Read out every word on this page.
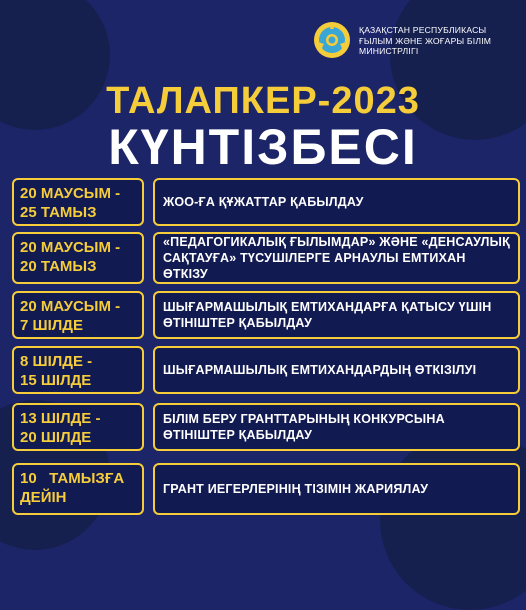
ҚАЗАҚСТАН РЕСПУБЛИКАСЫ
ҒЫЛЫМ ЖӘНЕ ЖОҒАРЫ БІЛІМ
МИНИСТРЛІГІ
ТАЛАПКЕР-2023
КҮНТІЗБЕСІ
20 МАУСЫМ -
25 ТАМЫЗ
ЖОО-ҒА ҚҰЖАТТАР ҚАБЫЛДАУ
20 МАУСЫМ -
20 ТАМЫЗ
«ПЕДАГОГИКАЛЫҚ ҒЫЛЫМДАР» ЖӘНЕ «ДЕНСАУЛЫҚ САҚТАУҒА» ТҮСУШІЛЕРГЕ АРНАУЛЫ ЕМТИХАН ӨТКІЗУ
20 МАУСЫМ -
7 ШІЛДЕ
ШЫҒАРМАШЫЛЫҚ ЕМТИХАНДАРҒА ҚАТЫСУ ҮШІН ӨТІНІШТЕР ҚАБЫЛДАУ
8 ШІЛДЕ -
15 ШІЛДЕ
ШЫҒАРМАШЫЛЫҚ ЕМТИХАНДАРДЫҢ ӨТКІЗІЛУІ
13 ШІЛДЕ -
20 ШІЛДЕ
БІЛІМ БЕРУ ГРАНТТАРЫНЫҢ КОНКУРСЫНА ӨТІНІШТЕР ҚАБЫЛДАУ
10   ТАМЫЗҒА
ДЕЙІН	ГРАНТ ИЕГЕРЛЕРІНІҢ ТІЗІМІН ЖАРИЯЛАУ
